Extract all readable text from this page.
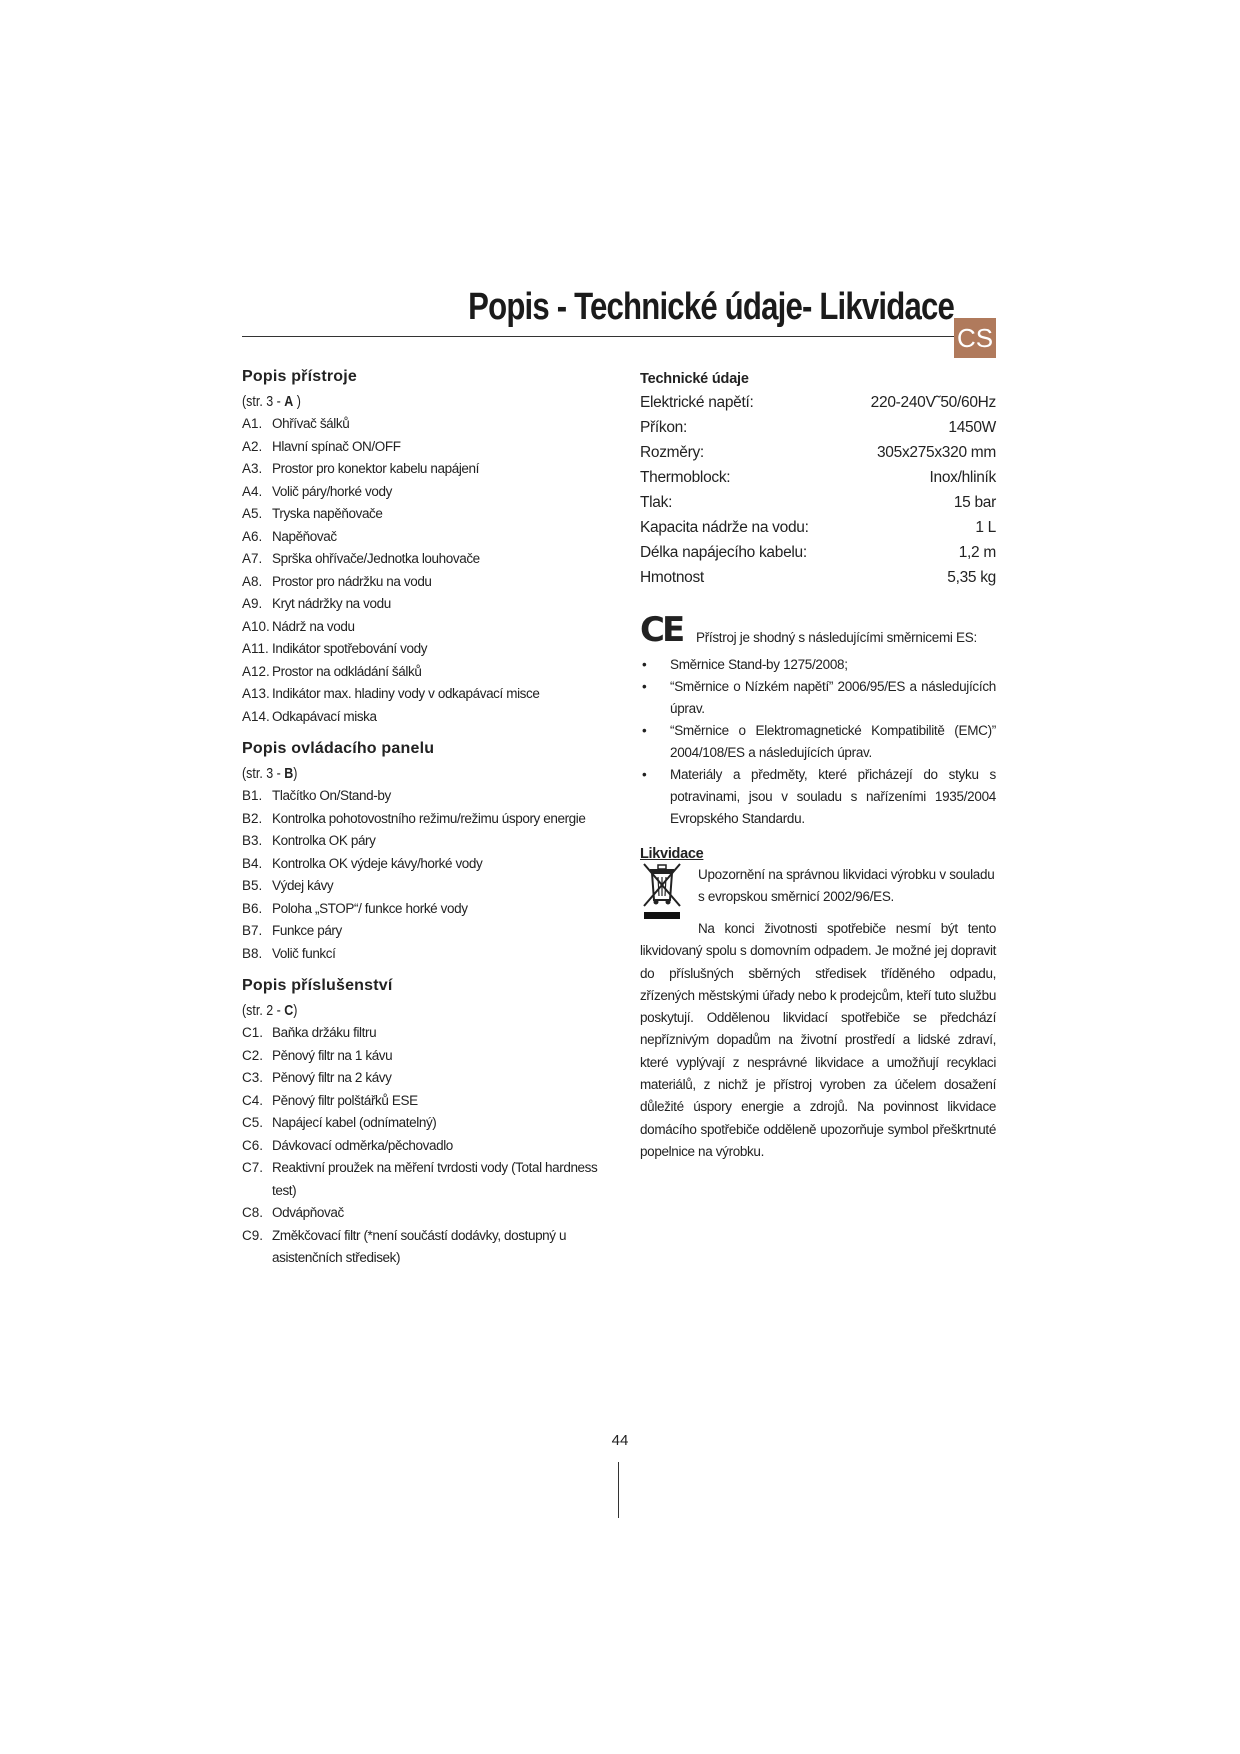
Popis - Technické údaje- Likvidace
CS
Popis přístroje
(str. 3 - A )
A1. Ohřívač šálků
A2. Hlavní spínač ON/OFF
A3. Prostor pro konektor kabelu napájení
A4. Volič páry/horké vody
A5. Tryska napěňovače
A6. Napěňovač
A7. Sprška ohřívače/Jednotka louhovače
A8. Prostor pro nádržku na vodu
A9. Kryt nádržky na vodu
A10. Nádrž na vodu
A11. Indikátor spotřebování vody
A12. Prostor na odkládání šálků
A13. Indikátor max. hladiny vody v odkapávací misce
A14. Odkapávací miska
Popis ovládacího panelu
(str. 3 - B)
B1. Tlačítko On/Stand-by
B2. Kontrolka pohotovostního režimu/režimu úspory energie
B3. Kontrolka OK páry
B4. Kontrolka OK výdeje kávy/horké vody
B5. Výdej kávy
B6. Poloha „STOP“/ funkce horké vody
B7. Funkce páry
B8. Volič funkcí
Popis příslušenství
(str. 2 - C)
C1. Baňka držáku filtru
C2. Pěnový filtr na 1 kávu
C3. Pěnový filtr na 2 kávy
C4. Pěnový filtr polštářků ESE
C5. Napájecí kabel (odnímatelný)
C6. Dávkovací odměrka/pěchovadlo
C7. Reaktivní proužek na měření tvrdosti vody (Total hardness test)
C8. Odvápňovač
C9. Změkčovací filtr (*není součástí dodávky, dostupný u asistenčních středisek)
Technické údaje
Elektrické napětí:	220-240V˜50/60Hz
Příkon:	1450W
Rozměry:	305x275x320 mm
Thermoblock:	Inox/hliník
Tlak:	15 bar
Kapacita nádrže na vodu:	1 L
Délka napájecího kabelu:	1,2 m
Hmotnost	5,35 kg
CE Přístroj je shodný s následujícími směrnicemi ES:
• Směrnice Stand-by 1275/2008;
• “Směrnice o Nízkém napětí” 2006/95/ES a následujících úprav.
• “Směrnice o Elektromagnetické Kompatibilitě (EMC)” 2004/108/ES a následujících úprav.
• Materiály a předměty, které přicházejí do styku s potravinami, jsou v souladu s nařízeními 1935/2004 Evropského Standardu.
Likvidace
Upozornění na správnou likvidaci výrobku v souladu s evropskou směrnicí 2002/96/ES.
Na konci životnosti spotřebiče nesmí být tento likvidovaný spolu s domovním odpadem. Je možné jej dopravit do příslušných sběrných středisek tříděného odpadu, zřízených městskými úřady nebo k prodejcům, kteří tuto službu poskytují. Oddělenou likvidací spotřebiče se předchází nepříznivým dopadům na životní prostředí a lidské zdraví, které vyplývají z nesprávné likvidace a umožňují recyklaci materiálů, z nichž je přístroj vyroben za účelem dosažení důležité úspory energie a zdrojů. Na povinnost likvidace domácího spotřebiče odděleně upozorňuje symbol přeškrtnuté popelnice na výrobku.
44
